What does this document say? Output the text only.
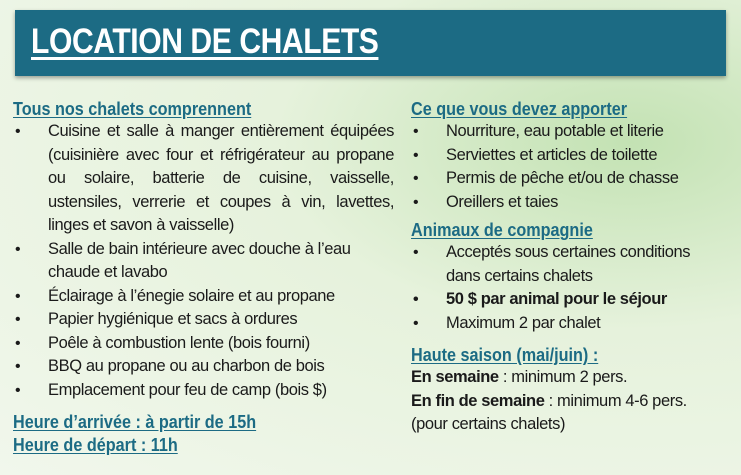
LOCATION DE CHALETS
Tous nos chalets comprennent
• Cuisine et salle à manger entièrement équipées (cuisinière avec four et réfrigérateur au propane ou solaire, batterie de cuisine, vaisselle, ustensiles, verrerie et coupes à vin, lavettes, linges et savon à vaisselle)
• Salle de bain intérieure avec douche à l’eau chaude et lavabo
• Éclairage à l’énegie solaire et au propane
• Papier hygiénique et sacs à ordures
• Poêle à combustion lente (bois fourni)
• BBQ au propane ou au charbon de bois
• Emplacement pour feu de camp (bois $)
Heure d’arrivée : à partir de 15h
Heure de départ : 11h
Ce que vous devez apporter
• Nourriture, eau potable et literie
• Serviettes et articles de toilette
• Permis de pêche et/ou de chasse
• Oreillers et taies
Animaux de compagnie
• Acceptés sous certaines conditions dans certains chalets
• 50 $ par animal pour le séjour
• Maximum 2 par chalet
Haute saison (mai/juin) :
En semaine : minimum 2 pers.
En fin de semaine : minimum 4-6 pers.
(pour certains chalets)
